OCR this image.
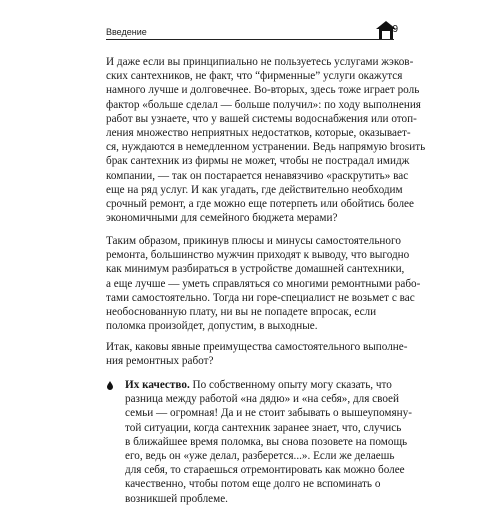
Введение	9
И даже если вы принципиально не пользуетесь услугами жэков-
ских сантехников, не факт, что “фирменные” услуги окажутся
намного лучше и долговечнее. Во-вторых, здесь тоже играет роль
фактор «больше сделал — больше получил»: по ходу выполнения
работ вы узнаете, что у вашей системы водоснабжения или отоп-
ления множество неприятных недостатков, которые, оказывает-
ся, нуждаются в немедленном устранении. Ведь напрямую brosить
брак сантехник из фирмы не может, чтобы не пострадал имидж
компании, — так он постарается ненавязчиво «раскрутить» вас
еще на ряд услуг. И как угадать, где действительно необходим
срочный ремонт, а где можно еще потерпеть или обойтись более
экономичными для семейного бюджета мерами?
Таким образом, прикинув плюсы и минусы самостоятельного
ремонта, большинство мужчин приходят к выводу, что выгодно
как минимум разбираться в устройстве домашней сантехники,
а еще лучше — уметь справляться со многими ремонтными рабо-
тами самостоятельно. Тогда ни горе-специалист не возьмет с вас
необоснованную плату, ни вы не попадете впросак, если
поломка произойдет, допустим, в выходные.
Итак, каковы явные преимущества самостоятельного выполне-
ния ремонтных работ?
Их качество. По собственному опыту могу сказать, что
разница между работой «на дядю» и «на себя», для своей
семьи — огромная! Да и не стоит забывать о вышеупомяну-
той ситуации, когда сантехник заранее знает, что, случись
в ближайшее время поломка, вы снова позовете на помощь
его, ведь он «уже делал, разберется...». Если же делаешь
для себя, то стараешься отремонтировать как можно более
качественно, чтобы потом еще долго не вспоминать о
возникшей проблеме.
